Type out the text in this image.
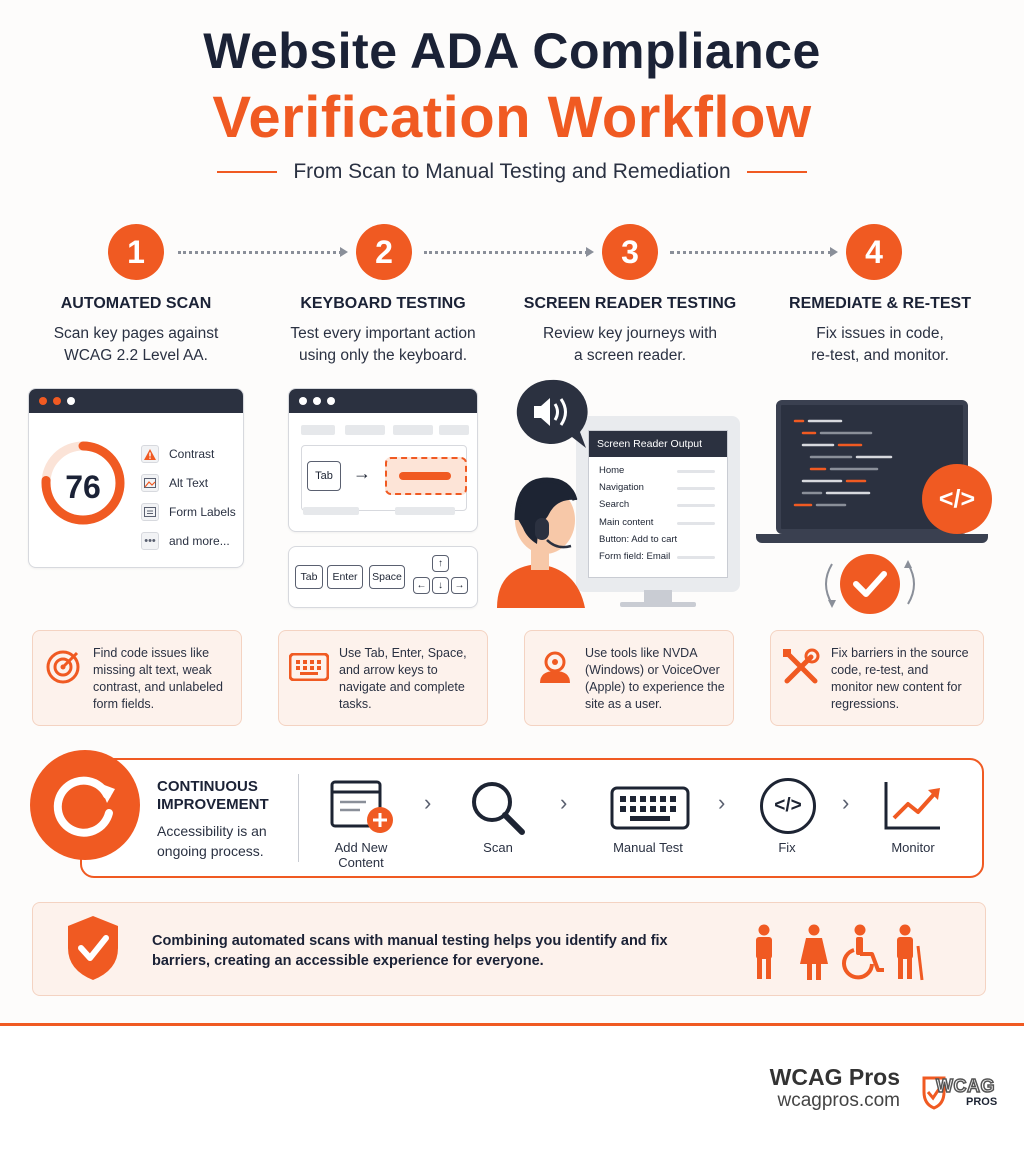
Website ADA Compliance
Verification Workflow
From Scan to Manual Testing and Remediation
1	2	3	4
AUTOMATED SCAN	KEYBOARD TESTING	SCREEN READER TESTING	REMEDIATE & RE-TEST
Scan key pages against
WCAG 2.2 Level AA.
Test every important action
using only the keyboard.
Review key journeys with
a screen reader.
Fix issues in code,
re-test, and monitor.
76
Contrast
Alt Text
Form Labels
••• and more...
Tab	→
Tab	Enter	Space
↑
←	↓	→
Screen Reader Output
Home
Navigation
Search
Main content
Button: Add to cart
Form field: Email
</>
Find code issues like missing alt text, weak contrast, and unlabeled form fields.
Use Tab, Enter, Space, and arrow keys to navigate and complete tasks.
Use tools like NVDA (Windows) or VoiceOver (Apple) to experience the site as a user.
Fix barriers in the source code, re-test, and monitor new content for regressions.
CONTINUOUS
IMPROVEMENT
Accessibility is an ongoing process.
›	›	›	</>	›
Add New
Content
Scan	Manual Test	Fix	Monitor
Combining automated scans with manual testing helps you identify and fix barriers, creating an accessible experience for everyone.
WCAG Pros
wcagpros.com
WCAG
PROS
